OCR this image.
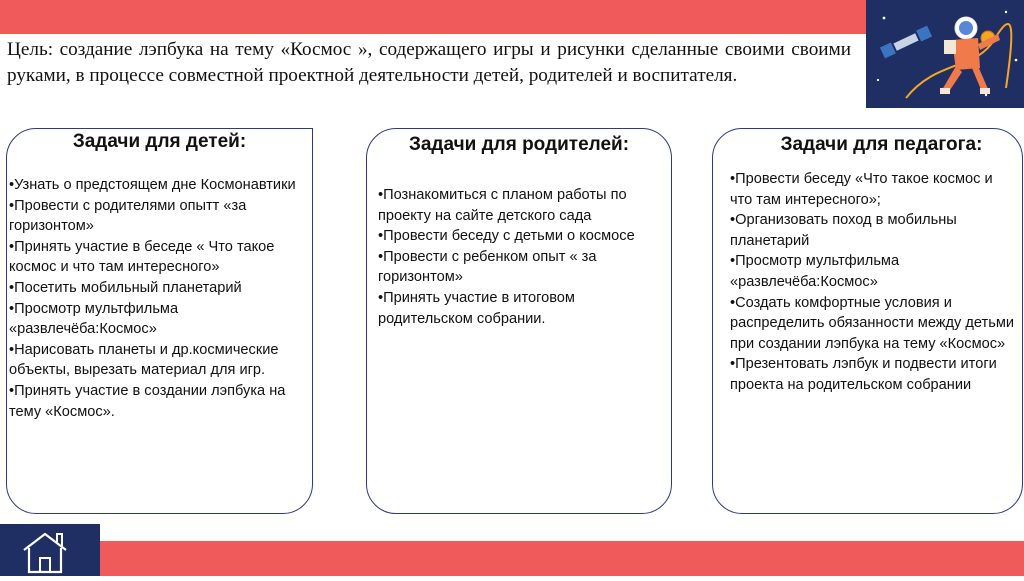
Цель: создание лэпбука на тему «Космос », содержащего игры и рисунки сделанные своими своими руками, в процессе совместной проектной деятельности детей, родителей и воспитателя.

Задачи для детей:
• Узнать о предстоящем дне Космонавтики
• Провести с родителями опытт «за горизонтом»
• Принять участие в беседе « Что такое космос и что там интересного»
• Посетить мобильный планетарий
• Просмотр мультфильма «развлечёба:Космос»
• Нарисовать планеты и др.космические объекты, вырезать материал для игр.
• Принять участие в создании лэпбука на тему «Космос».
Задачи для родителей:
• Познакомиться с планом работы по проекту на сайте детского сада
• Провести беседу с детьми о космосе
• Провести с ребенком опыт « за горизонтом»
• Принять участие в итоговом родительском собрании.
Задачи для педагога:
• Провести беседу «Что такое космос и что там интересного»;
• Организовать поход в мобильны планетарий
• Просмотр мультфильма «развлечёба:Космос»
• Создать комфортные условия и распределить обязанности между детьми при создании лэпбука на тему «Космос»
• Презентовать лэпбук и подвести итоги проекта на родительском собрании
